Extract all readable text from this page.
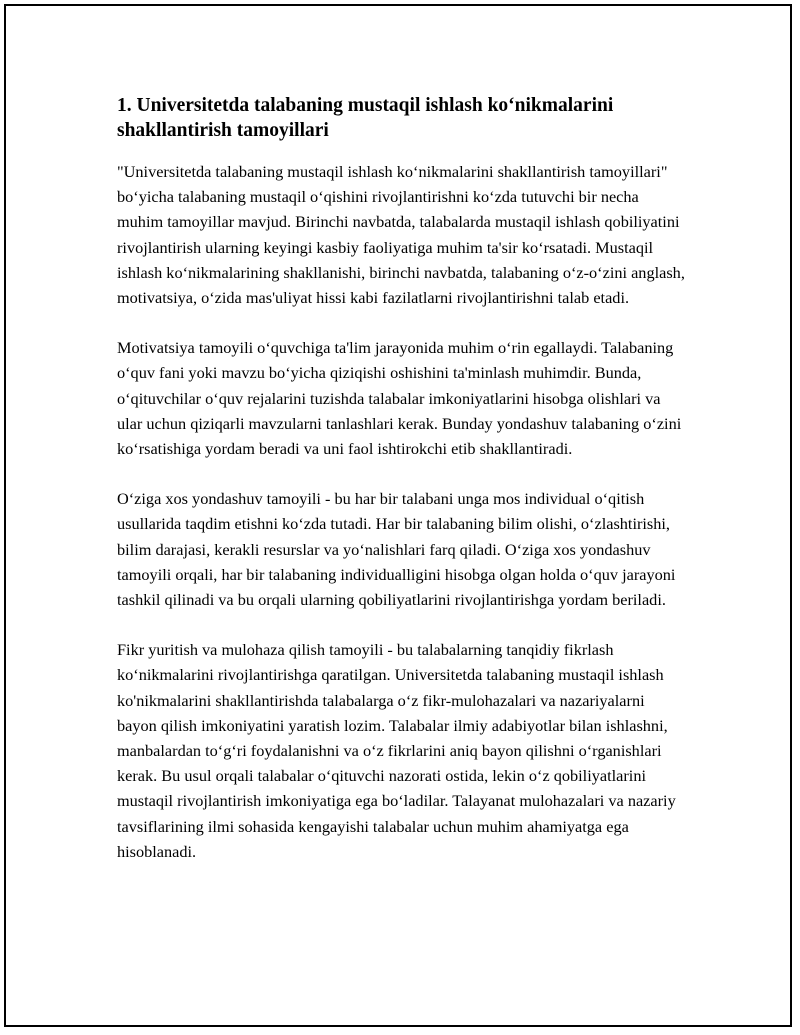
1. Universitetda talabaning mustaqil ishlash ko‘nikmalarini shakllantirish tamoyillari

"Universitetda talabaning mustaqil ishlash ko‘nikmalarini shakllantirish tamoyillari" bo‘yicha talabaning mustaqil o‘qishini rivojlantirishni ko‘zda tutuvchi bir necha muhim tamoyillar mavjud. Birinchi navbatda, talabalarda mustaqil ishlash qobiliyatini rivojlantirish ularning keyingi kasbiy faoliyatiga muhim ta'sir ko‘rsatadi. Mustaqil ishlash ko‘nikmalarining shakllanishi, birinchi navbatda, talabaning o‘z-o‘zini anglash, motivatsiya, o‘zida mas'uliyat hissi kabi fazilatlarni rivojlantirishni talab etadi.

Motivatsiya tamoyili o‘quvchiga ta'lim jarayonida muhim o‘rin egallaydi. Talabaning o‘quv fani yoki mavzu bo‘yicha qiziqishi oshishini ta'minlash muhimdir. Bunda, o‘qituvchilar o‘quv rejalarini tuzishda talabalar imkoniyatlarini hisobga olishlari va ular uchun qiziqarli mavzularni tanlashlari kerak. Bunday yondashuv talabaning o‘zini ko‘rsatishiga yordam beradi va uni faol ishtirokchi etib shakllantiradi.

O‘ziga xos yondashuv tamoyili - bu har bir talabani unga mos individual o‘qitish usullarida taqdim etishni ko‘zda tutadi. Har bir talabaning bilim olishi, o‘zlashtirishi, bilim darajasi, kerakli resurslar va yo‘nalishlari farq qiladi. O‘ziga xos yondashuv tamoyili orqali, har bir talabaning individualligini hisobga olgan holda o‘quv jarayoni tashkil qilinadi va bu orqali ularning qobiliyatlarini rivojlantirishga yordam beriladi.

Fikr yuritish va mulohaza qilish tamoyili - bu talabalarning tanqidiy fikrlash ko‘nikmalarini rivojlantirishga qaratilgan. Universitetda talabaning mustaqil ishlash ko'nikmalarini shakllantirishda talabalarga o‘z fikr-mulohazalari va nazariyalarni bayon qilish imkoniyatini yaratish lozim. Talabalar ilmiy adabiyotlar bilan ishlashni, manbalardan to‘g‘ri foydalanishni va o‘z fikrlarini aniq bayon qilishni o‘rganishlari kerak. Bu usul orqali talabalar o‘qituvchi nazorati ostida, lekin o‘z qobiliyatlarini mustaqil rivojlantirish imkoniyatiga ega bo‘ladilar. Talayanat mulohazalari va nazariy tavsiflarining ilmi sohasida kengayishi talabalar uchun muhim ahamiyatga ega hisoblanadi.
